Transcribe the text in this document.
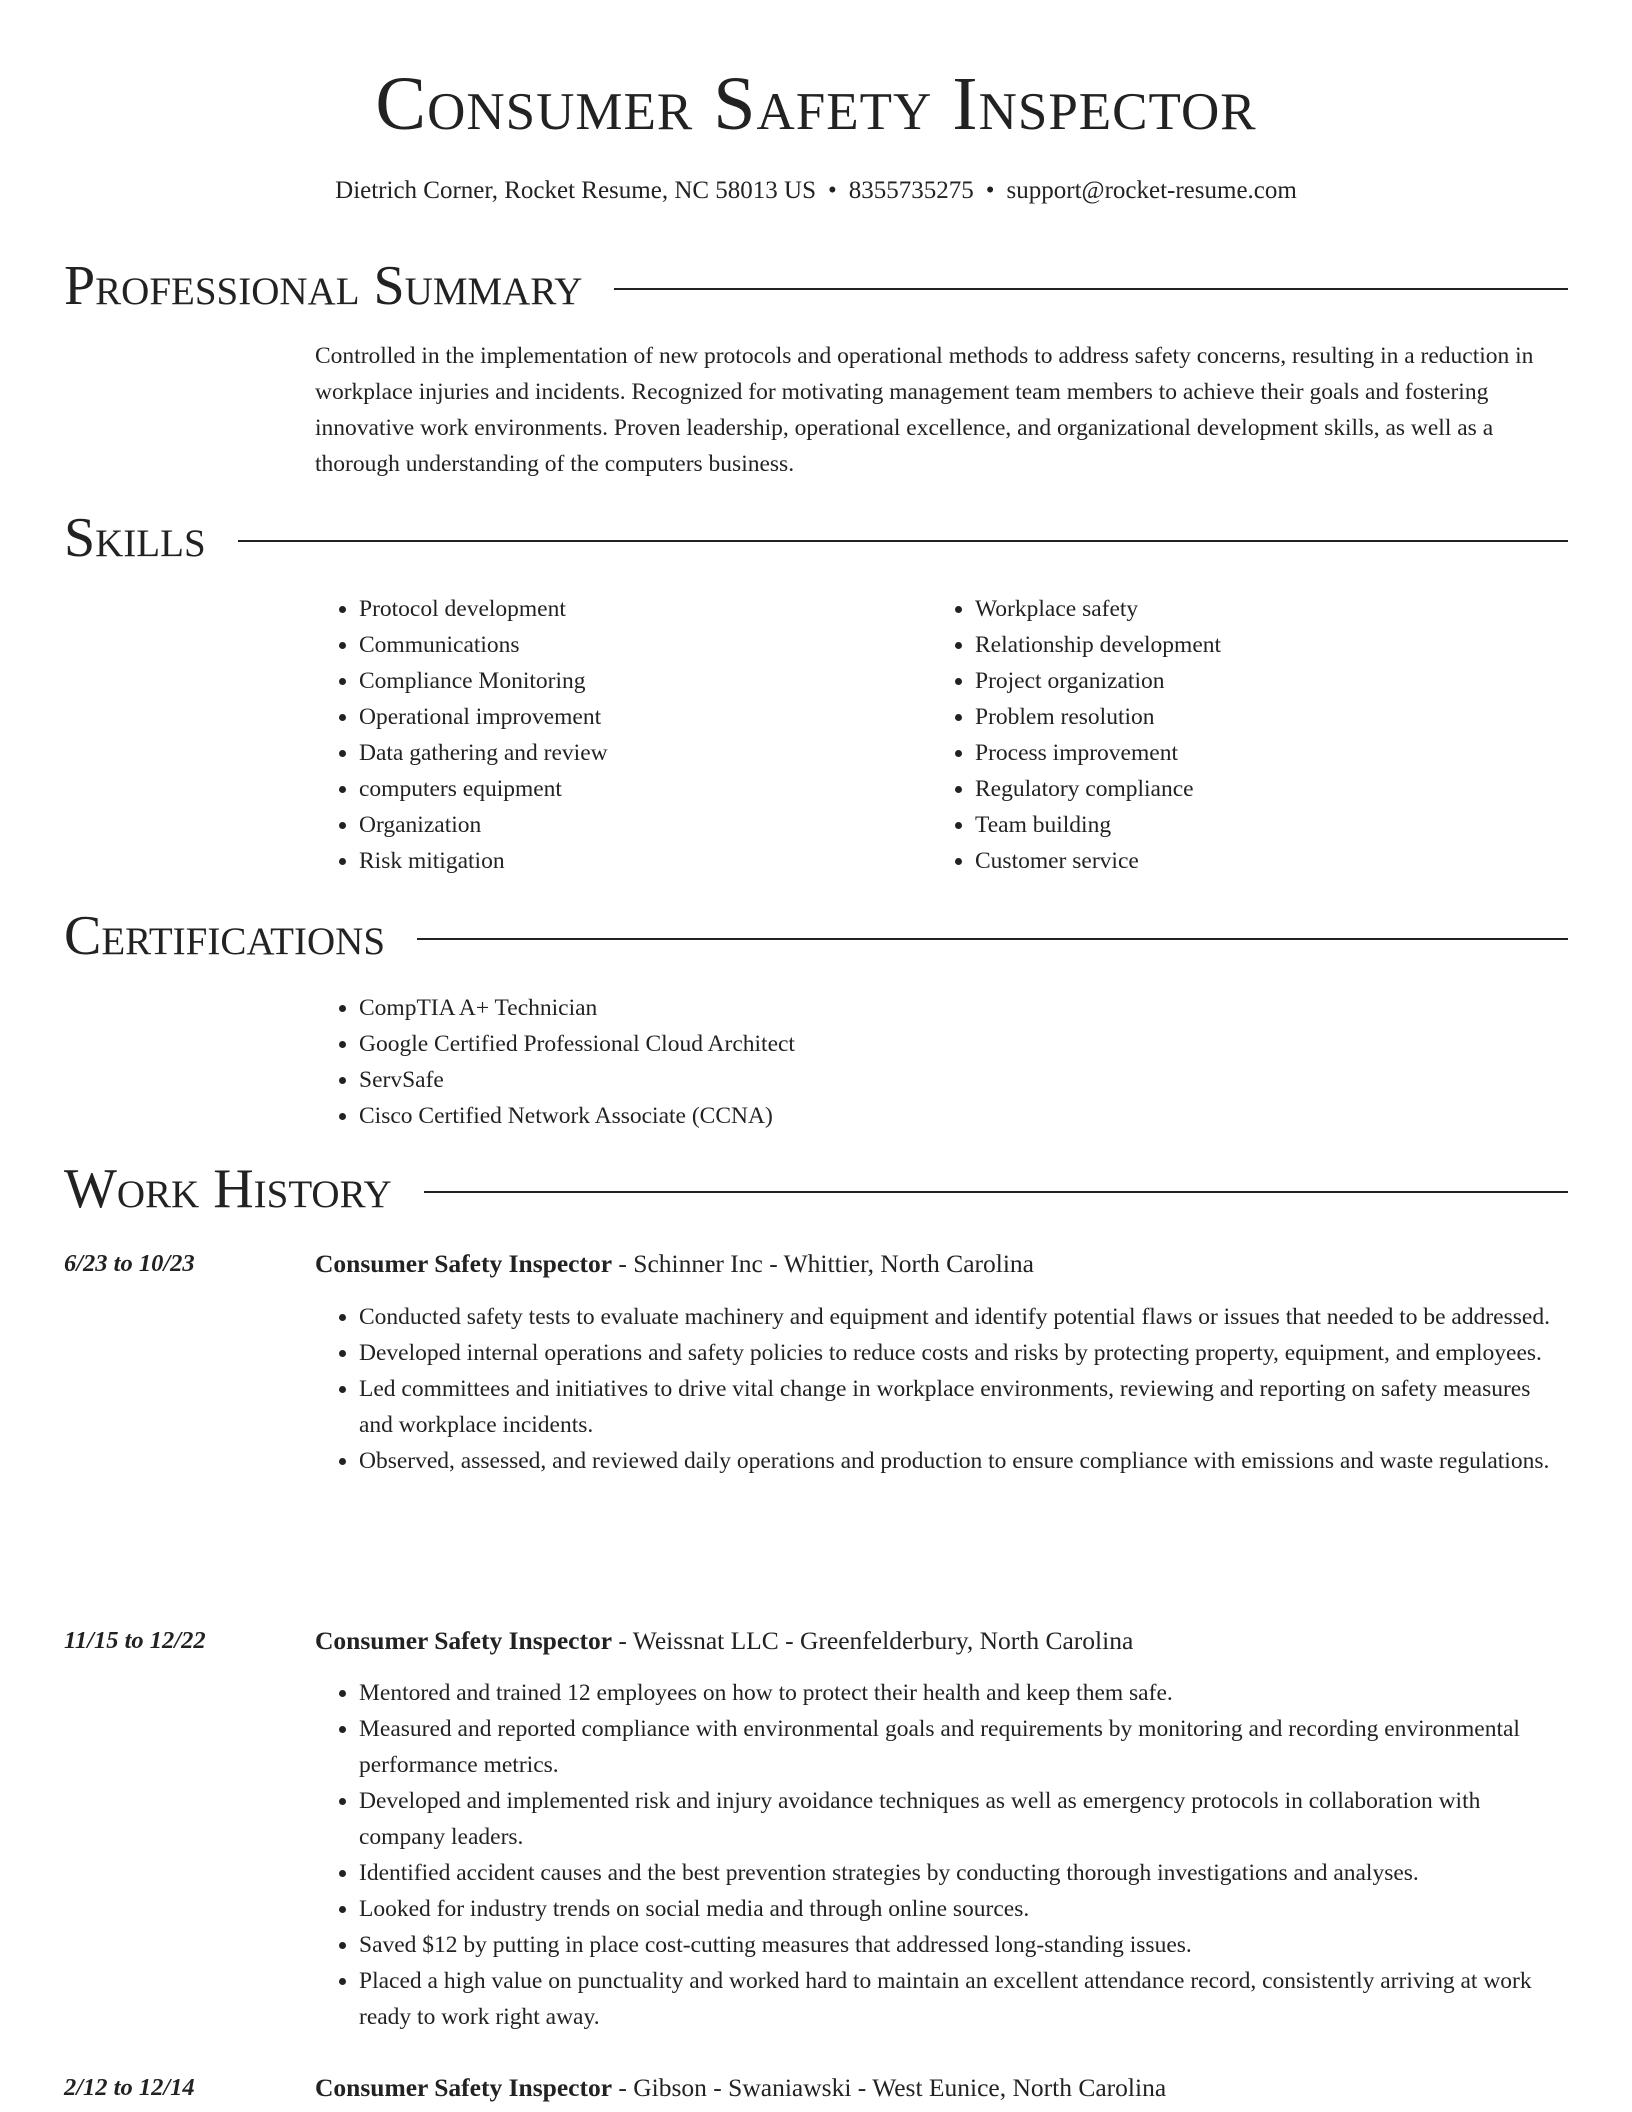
Consumer Safety Inspector
Dietrich Corner, Rocket Resume, NC 58013 US • 8355735275 • support@rocket-resume.com
Professional Summary

Controlled in the implementation of new protocols and operational methods to address safety concerns, resulting in a reduction in workplace injuries and incidents. Recognized for motivating management team members to achieve their goals and fostering innovative work environments. Proven leadership, operational excellence, and organizational development skills, as well as a thorough understanding of the computers business.

Skills
• Protocol development
• Communications
• Compliance Monitoring
• Operational improvement
• Data gathering and review
• computers equipment
• Organization
• Risk mitigation
• Workplace safety
• Relationship development
• Project organization
• Problem resolution
• Process improvement
• Regulatory compliance
• Team building
• Customer service
Certifications
• CompTIA A+ Technician
• Google Certified Professional Cloud Architect
• ServSafe
• Cisco Certified Network Associate (CCNA)
Work History
6/23 to 10/23	Consumer Safety Inspector - Schinner Inc - Whittier, North Carolina
• Conducted safety tests to evaluate machinery and equipment and identify potential flaws or issues that needed to be addressed.
• Developed internal operations and safety policies to reduce costs and risks by protecting property, equipment, and employees.
• Led committees and initiatives to drive vital change in workplace environments, reviewing and reporting on safety measures and workplace incidents.
• Observed, assessed, and reviewed daily operations and production to ensure compliance with emissions and waste regulations.
11/15 to 12/22	Consumer Safety Inspector - Weissnat LLC - Greenfelderbury, North Carolina
• Mentored and trained 12 employees on how to protect their health and keep them safe.
• Measured and reported compliance with environmental goals and requirements by monitoring and recording environmental performance metrics.
• Developed and implemented risk and injury avoidance techniques as well as emergency protocols in collaboration with company leaders.
• Identified accident causes and the best prevention strategies by conducting thorough investigations and analyses.
• Looked for industry trends on social media and through online sources.
• Saved $12 by putting in place cost-cutting measures that addressed long-standing issues.
• Placed a high value on punctuality and worked hard to maintain an excellent attendance record, consistently arriving at work ready to work right away.
2/12 to 12/14	Consumer Safety Inspector - Gibson - Swaniawski - West Eunice, North Carolina
